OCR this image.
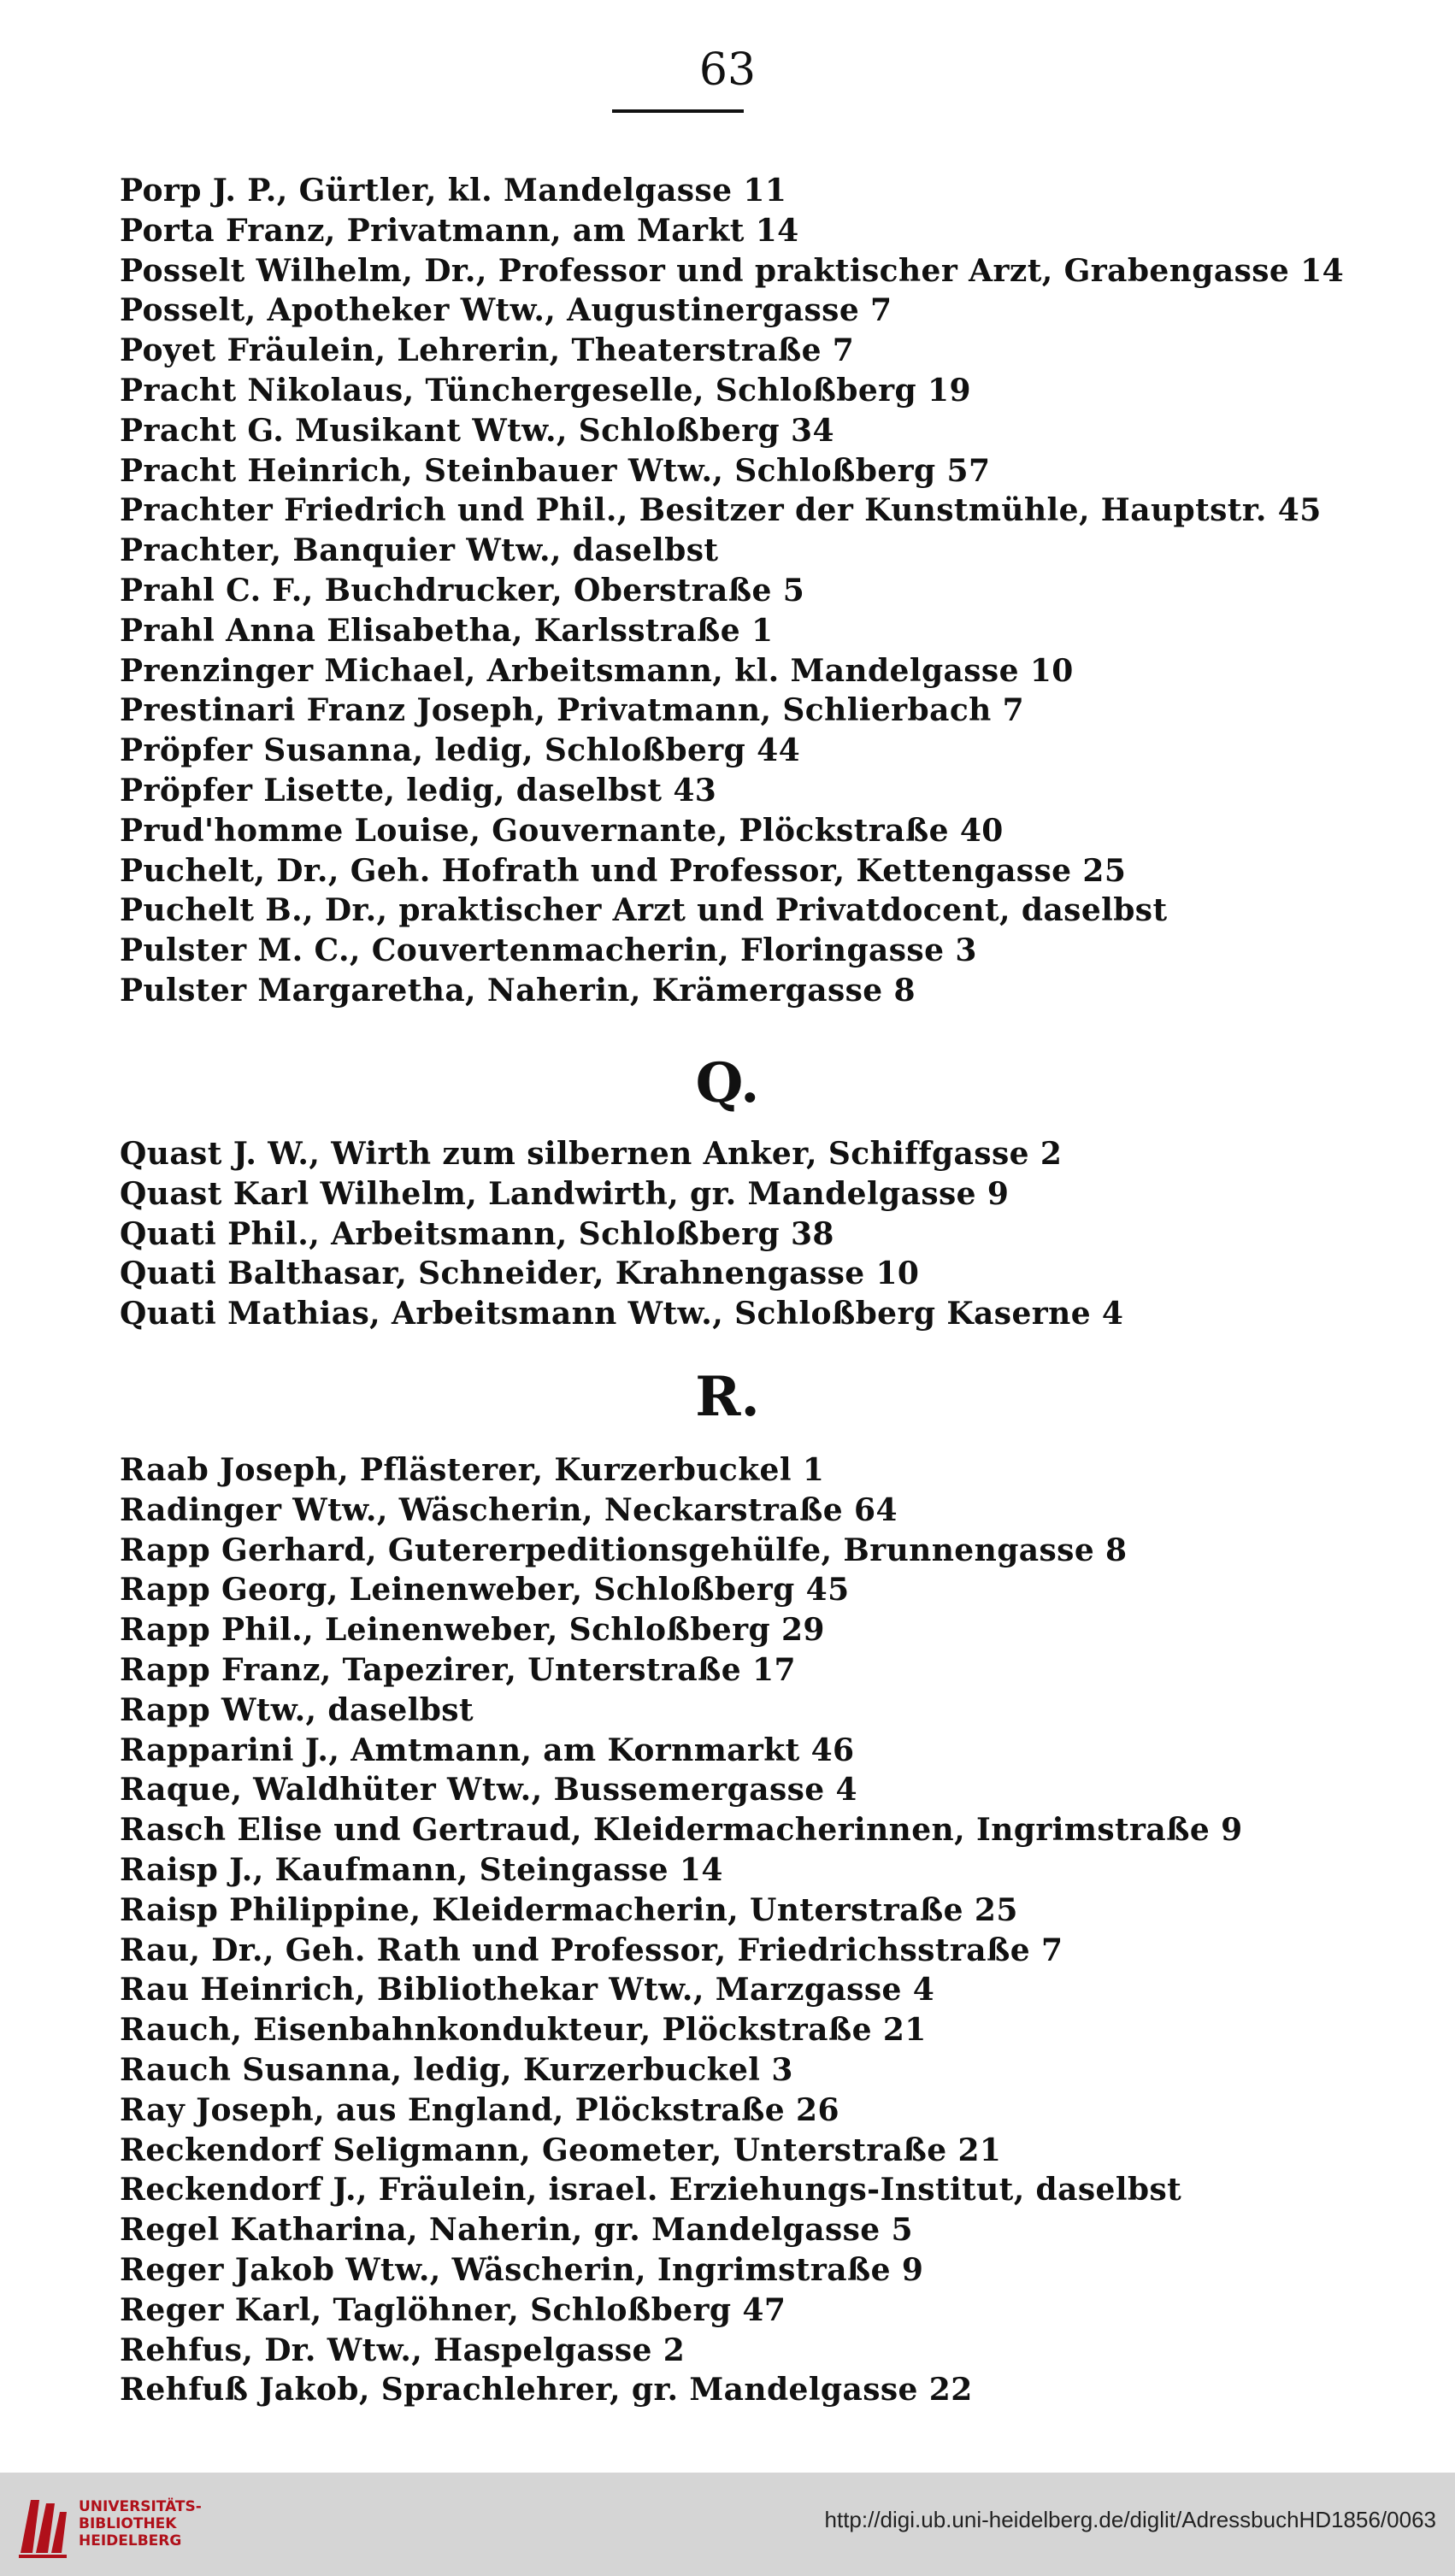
63
Porp J. P., Gürtler, kl. Mandelgasse 11
Porta Franz, Privatmann, am Markt 14
Posselt Wilhelm, Dr., Professor und praktischer Arzt, Grabengasse 14
Posselt, Apotheker Wtw., Augustinergasse 7
Poyet Fräulein, Lehrerin, Theaterstraße 7
Pracht Nikolaus, Tünchergeselle, Schloßberg 19
Pracht G. Musikant Wtw., Schloßberg 34
Pracht Heinrich, Steinbauer Wtw., Schloßberg 57
Prachter Friedrich und Phil., Besitzer der Kunstmühle, Hauptstr. 45
Prachter, Banquier Wtw., daselbst
Prahl C. F., Buchdrucker, Oberstraße 5
Prahl Anna Elisabetha, Karlsstraße 1
Prenzinger Michael, Arbeitsmann, kl. Mandelgasse 10
Prestinari Franz Joseph, Privatmann, Schlierbach 7
Pröpfer Susanna, ledig, Schloßberg 44
Pröpfer Lisette, ledig, daselbst 43
Prud'homme Louise, Gouvernante, Plöckstraße 40
Puchelt, Dr., Geh. Hofrath und Professor, Kettengasse 25
Puchelt B., Dr., praktischer Arzt und Privatdocent, daselbst
Pulster M. C., Couvertenmacherin, Floringasse 3
Pulster Margaretha, Naherin, Krämergasse 8
Q.
Quast J. W., Wirth zum silbernen Anker, Schiffgasse 2
Quast Karl Wilhelm, Landwirth, gr. Mandelgasse 9
Quati Phil., Arbeitsmann, Schloßberg 38
Quati Balthasar, Schneider, Krahnengasse 10
Quati Mathias, Arbeitsmann Wtw., Schloßberg Kaserne 4
R.
Raab Joseph, Pflästerer, Kurzerbuckel 1
Radinger Wtw., Wäscherin, Neckarstraße 64
Rapp Gerhard, Gutererpeditionsgehülfe, Brunnengasse 8
Rapp Georg, Leinenweber, Schloßberg 45
Rapp Phil., Leinenweber, Schloßberg 29
Rapp Franz, Tapezirer, Unterstraße 17
Rapp Wtw., daselbst
Rapparini J., Amtmann, am Kornmarkt 46
Raque, Waldhüter Wtw., Bussemergasse 4
Rasch Elise und Gertraud, Kleidermacherinnen, Ingrimstraße 9
Raisp J., Kaufmann, Steingasse 14
Raisp Philippine, Kleidermacherin, Unterstraße 25
Rau, Dr., Geh. Rath und Professor, Friedrichsstraße 7
Rau Heinrich, Bibliothekar Wtw., Marzgasse 4
Rauch, Eisenbahnkondukteur, Plöckstraße 21
Rauch Susanna, ledig, Kurzerbuckel 3
Ray Joseph, aus England, Plöckstraße 26
Reckendorf Seligmann, Geometer, Unterstraße 21
Reckendorf J., Fräulein, israel. Erziehungs-Institut, daselbst
Regel Katharina, Naherin, gr. Mandelgasse 5
Reger Jakob Wtw., Wäscherin, Ingrimstraße 9
Reger Karl, Taglöhner, Schloßberg 47
Rehfus, Dr. Wtw., Haspelgasse 2
Rehfuß Jakob, Sprachlehrer, gr. Mandelgasse 22
UNIVERSITÄTS-
BIBLIOTHEK
HEIDELBERG
http://digi.ub.uni-heidelberg.de/diglit/AdressbuchHD1856/0063
